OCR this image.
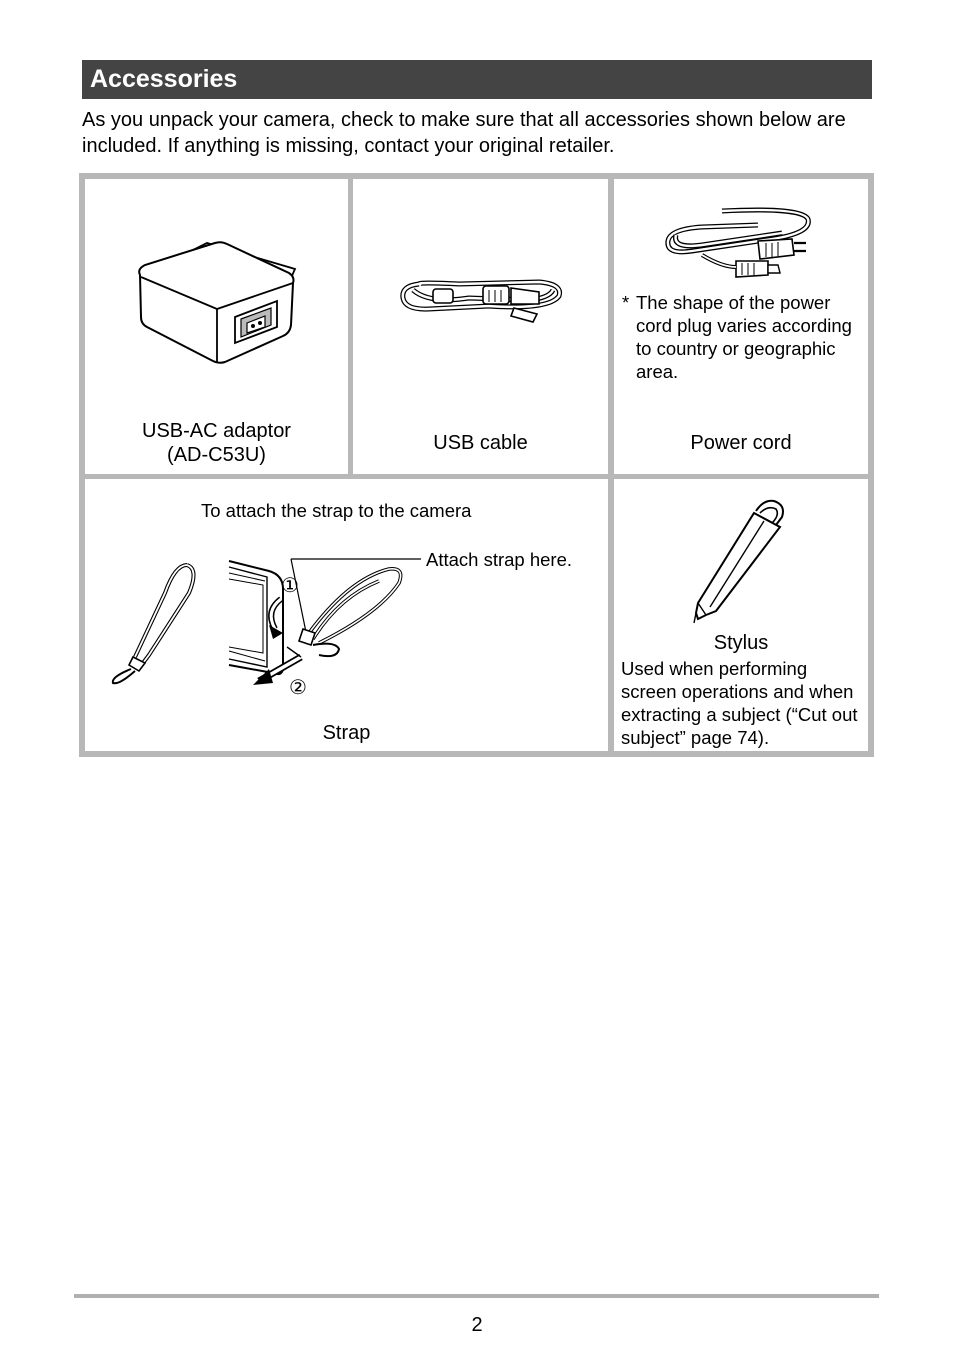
Accessories
As you unpack your camera, check to make sure that all accessories shown below are included. If anything is missing, contact your original retailer.
USB-AC adaptor
(AD-C53U)
USB cable
* The shape of the power cord plug varies according to country or geographic area.
Power cord
To attach the strap to the camera
Attach strap here.
①
②
Strap
Stylus
Used when performing screen operations and when extracting a subject (“Cut out subject” page 74).
2
